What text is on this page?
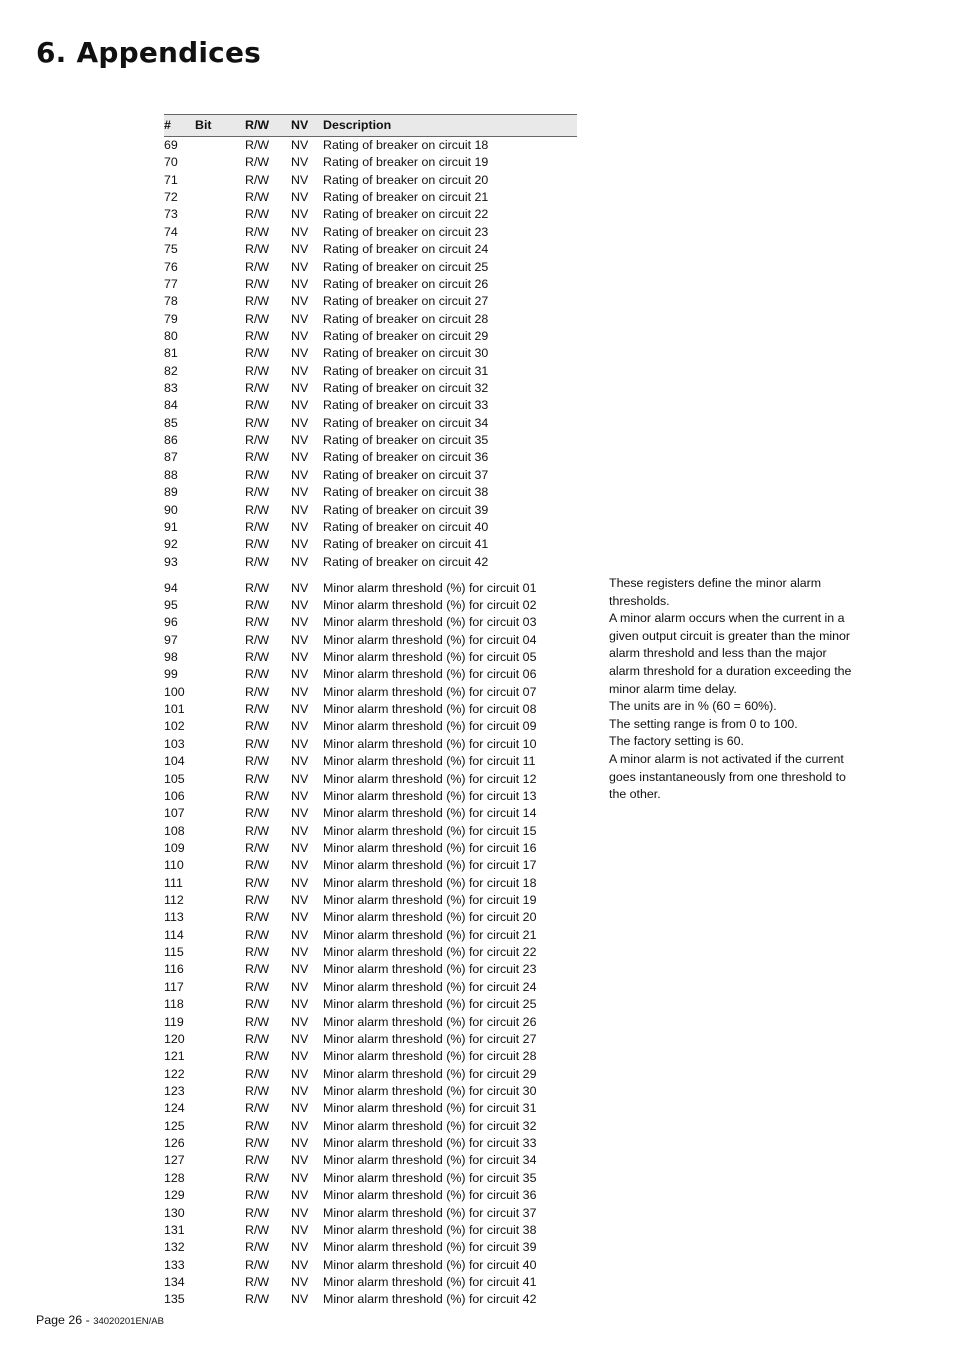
6. Appendices
# Bit	R/W NV Description
69	R/W NV Rating of breaker on circuit 18
70	R/W NV Rating of breaker on circuit 19
71	R/W NV Rating of breaker on circuit 20
72	R/W NV Rating of breaker on circuit 21
73	R/W NV Rating of breaker on circuit 22
74	R/W NV Rating of breaker on circuit 23
75	R/W NV Rating of breaker on circuit 24
76	R/W NV Rating of breaker on circuit 25
77	R/W NV Rating of breaker on circuit 26
78	R/W NV Rating of breaker on circuit 27
79	R/W NV Rating of breaker on circuit 28
80	R/W NV Rating of breaker on circuit 29
81	R/W NV Rating of breaker on circuit 30
82	R/W NV Rating of breaker on circuit 31
83	R/W NV Rating of breaker on circuit 32
84	R/W NV Rating of breaker on circuit 33
85	R/W NV Rating of breaker on circuit 34
86	R/W NV Rating of breaker on circuit 35
87	R/W NV Rating of breaker on circuit 36
88	R/W NV Rating of breaker on circuit 37
89	R/W NV Rating of breaker on circuit 38
90	R/W NV Rating of breaker on circuit 39
91	R/W NV Rating of breaker on circuit 40
92	R/W NV Rating of breaker on circuit 41
93	R/W NV Rating of breaker on circuit 42
94	R/W NV Minor alarm threshold (%) for circuit 01
95	R/W NV Minor alarm threshold (%) for circuit 02
96	R/W NV Minor alarm threshold (%) for circuit 03
97	R/W NV Minor alarm threshold (%) for circuit 04
98	R/W NV Minor alarm threshold (%) for circuit 05
99	R/W NV Minor alarm threshold (%) for circuit 06
100	R/W NV Minor alarm threshold (%) for circuit 07
101	R/W NV Minor alarm threshold (%) for circuit 08
102	R/W NV Minor alarm threshold (%) for circuit 09
103	R/W NV Minor alarm threshold (%) for circuit 10
104	R/W NV Minor alarm threshold (%) for circuit 11
105	R/W NV Minor alarm threshold (%) for circuit 12
106	R/W NV Minor alarm threshold (%) for circuit 13
107	R/W NV Minor alarm threshold (%) for circuit 14
108	R/W NV Minor alarm threshold (%) for circuit 15
109	R/W NV Minor alarm threshold (%) for circuit 16
110	R/W NV Minor alarm threshold (%) for circuit 17
111	R/W NV Minor alarm threshold (%) for circuit 18
112	R/W NV Minor alarm threshold (%) for circuit 19
113	R/W NV Minor alarm threshold (%) for circuit 20
114	R/W NV Minor alarm threshold (%) for circuit 21
115	R/W NV Minor alarm threshold (%) for circuit 22
116	R/W NV Minor alarm threshold (%) for circuit 23
117	R/W NV Minor alarm threshold (%) for circuit 24
118	R/W NV Minor alarm threshold (%) for circuit 25
119	R/W NV Minor alarm threshold (%) for circuit 26
120	R/W NV Minor alarm threshold (%) for circuit 27
121	R/W NV Minor alarm threshold (%) for circuit 28
122	R/W NV Minor alarm threshold (%) for circuit 29
123	R/W NV Minor alarm threshold (%) for circuit 30
124	R/W NV Minor alarm threshold (%) for circuit 31
125	R/W NV Minor alarm threshold (%) for circuit 32
126	R/W NV Minor alarm threshold (%) for circuit 33
127	R/W NV Minor alarm threshold (%) for circuit 34
128	R/W NV Minor alarm threshold (%) for circuit 35
129	R/W NV Minor alarm threshold (%) for circuit 36
130	R/W NV Minor alarm threshold (%) for circuit 37
131	R/W NV Minor alarm threshold (%) for circuit 38
132	R/W NV Minor alarm threshold (%) for circuit 39
133	R/W NV Minor alarm threshold (%) for circuit 40
134	R/W NV Minor alarm threshold (%) for circuit 41
135	R/W NV Minor alarm threshold (%) for circuit 42
These registers define the minor alarm
thresholds.
A minor alarm occurs when the current in a
given output circuit is greater than the minor
alarm threshold and less than the major
alarm threshold for a duration exceeding the
minor alarm time delay.
The units are in % (60 = 60%).
The setting range is from 0 to 100.
The factory setting is 60.
A minor alarm is not activated if the current
goes instantaneously from one threshold to
the other.
Page 26 - 34020201EN/AB
